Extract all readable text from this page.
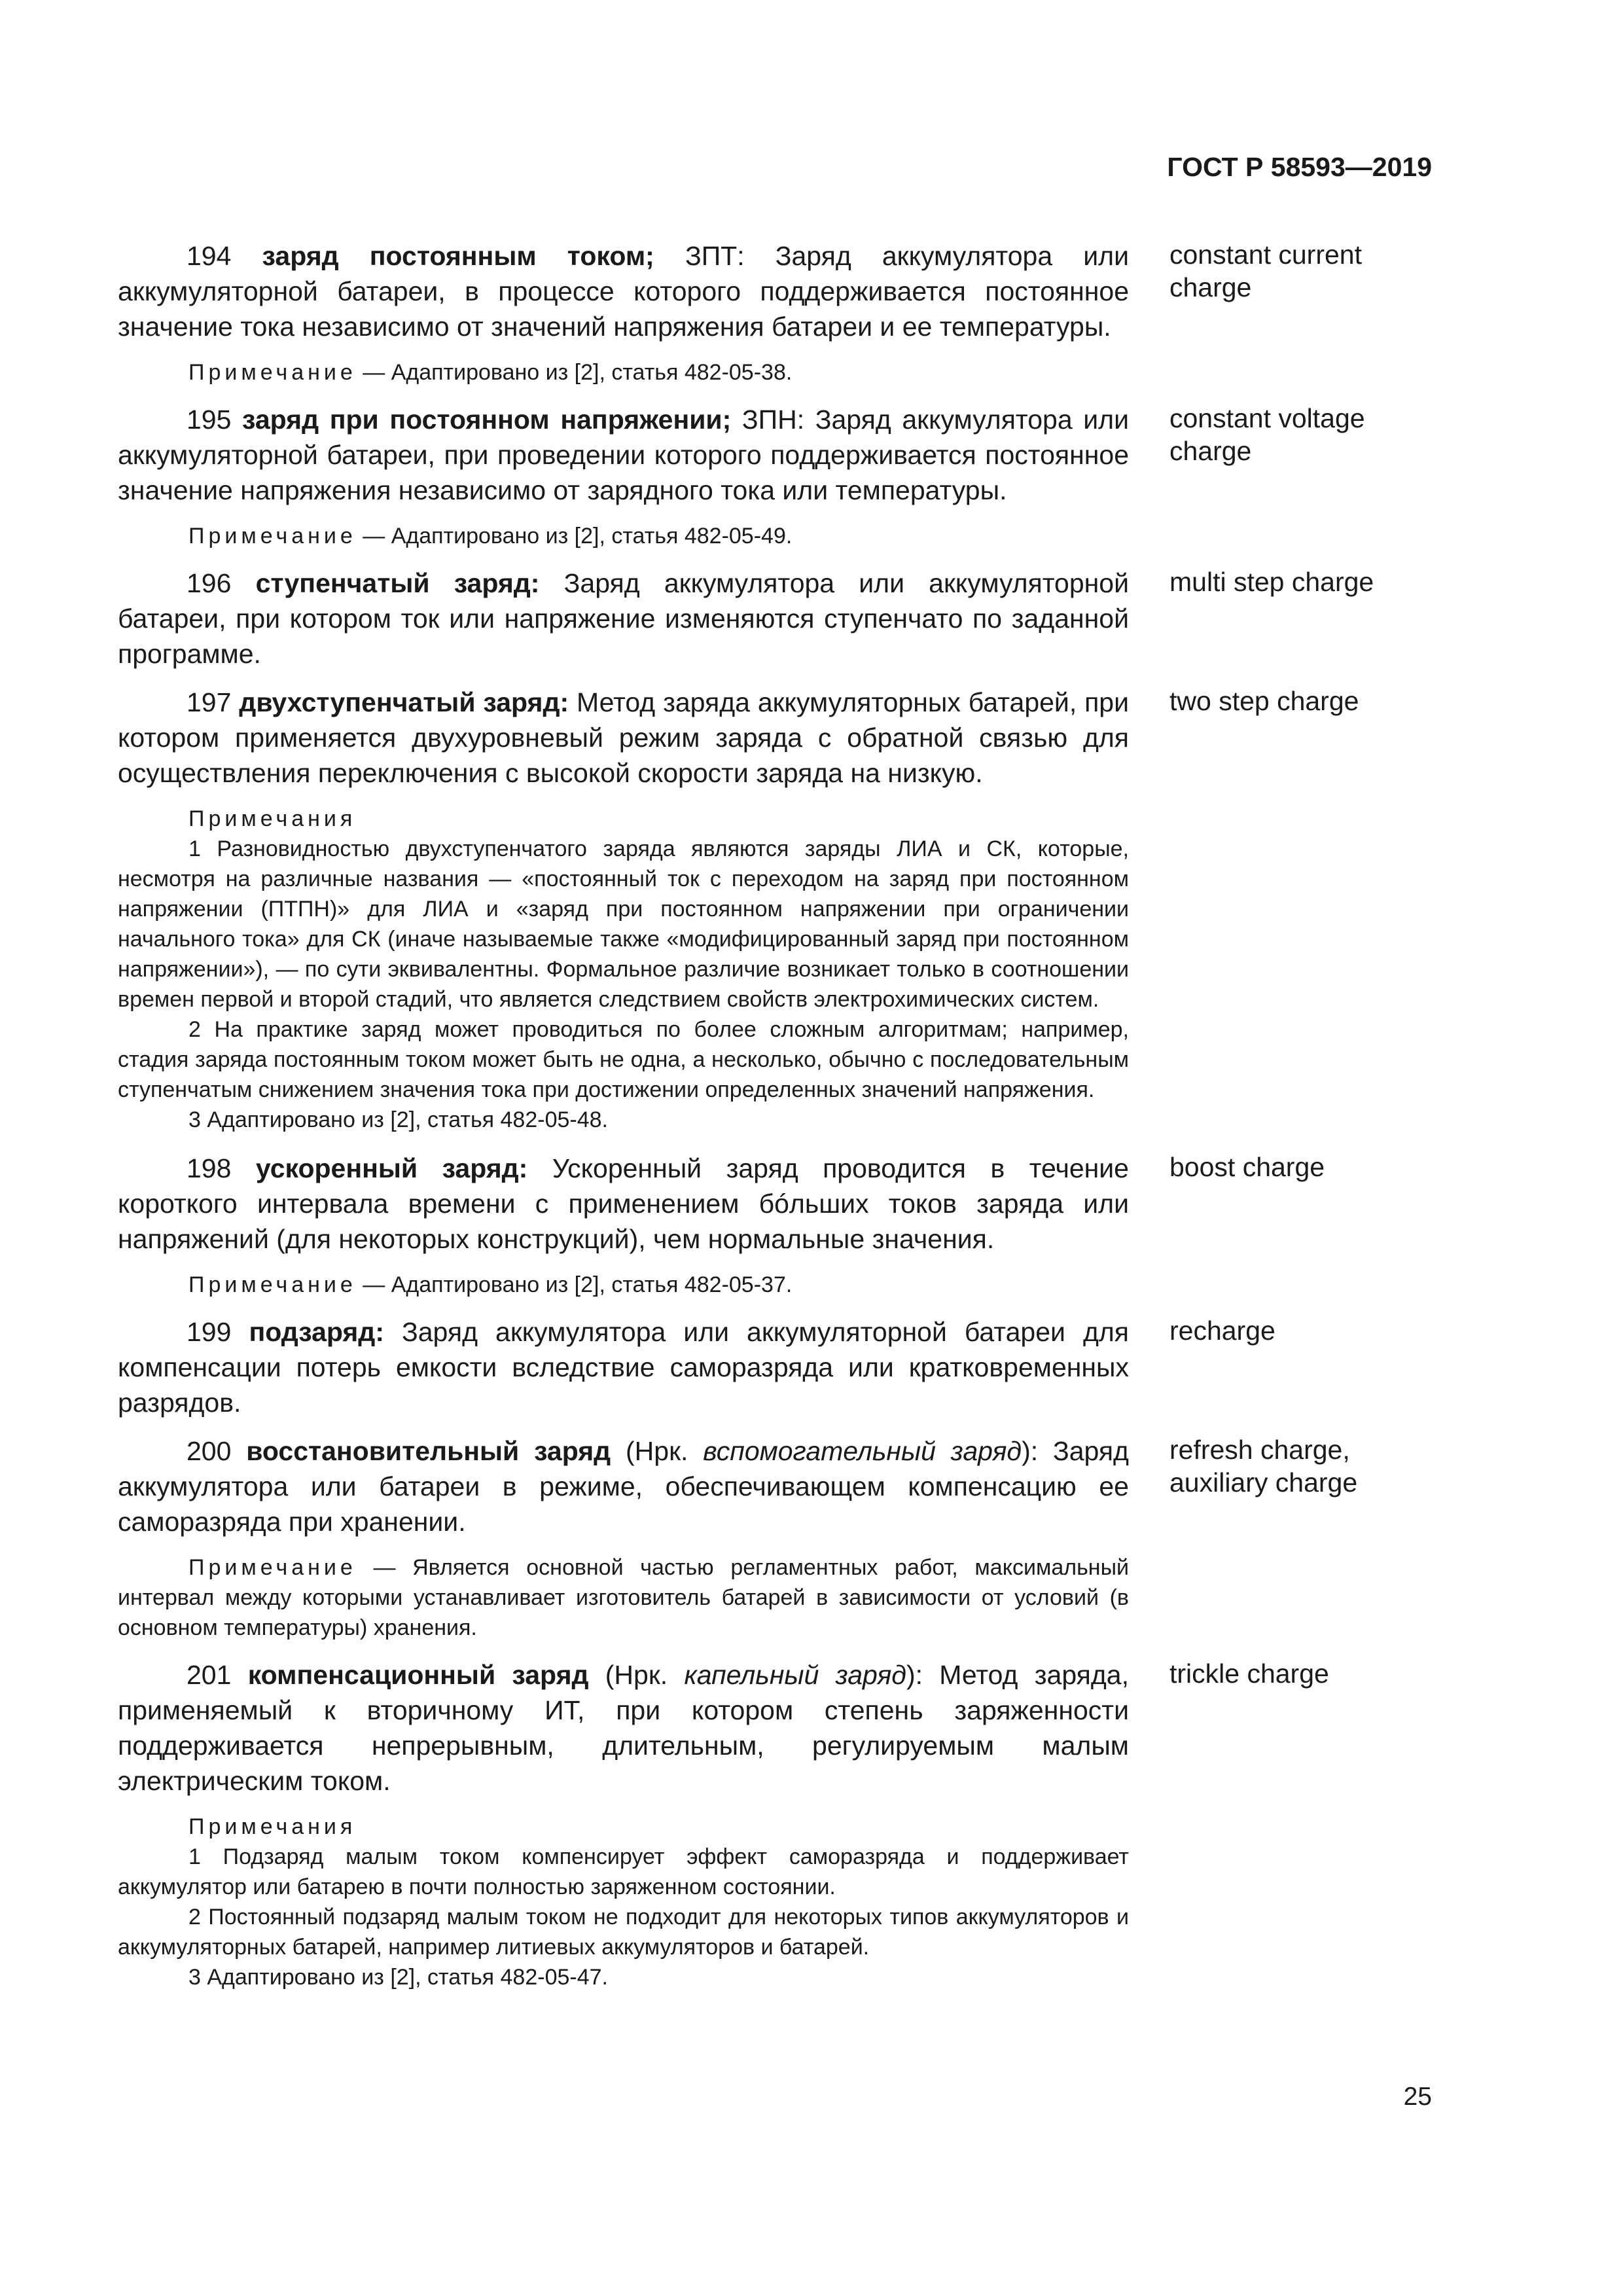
ГОСТ Р 58593—2019
194 заряд постоянным током; ЗПТ: Заряд аккумулятора или аккумуляторной батареи, в процессе которого поддерживается постоянное значение тока независимо от значений напряжения батареи и ее температуры.
constant current charge
Примечание — Адаптировано из [2], статья 482-05-38.
195 заряд при постоянном напряжении; ЗПН: Заряд аккумулятора или аккумуляторной батареи, при проведении которого поддерживается постоянное значение напряжения независимо от зарядного тока или температуры.
constant voltage charge
Примечание — Адаптировано из [2], статья 482-05-49.
196 ступенчатый заряд: Заряд аккумулятора или аккумуляторной батареи, при котором ток или напряжение изменяются ступенчато по заданной программе.
multi step charge
197 двухступенчатый заряд: Метод заряда аккумуляторных батарей, при котором применяется двухуровневый режим заряда с обратной связью для осуществления переключения с высокой скорости заряда на низкую.
two step charge
Примечания
1 Разновидностью двухступенчатого заряда являются заряды ЛИА и СК, которые, несмотря на различные названия — «постоянный ток с переходом на заряд при постоянном напряжении (ПТПН)» для ЛИА и «заряд при постоянном напряжении при ограничении начального тока» для СК (иначе называемые также «модифицированный заряд при постоянном напряжении»), — по сути эквивалентны. Формальное различие возникает только в соотношении времен первой и второй стадий, что является следствием свойств электрохимических систем.
2 На практике заряд может проводиться по более сложным алгоритмам; например, стадия заряда постоянным током может быть не одна, а несколько, обычно с последовательным ступенчатым снижением значения тока при достижении определенных значений напряжения.
3 Адаптировано из [2], статья 482-05-48.
198 ускоренный заряд: Ускоренный заряд проводится в течение короткого интервала времени с применением бóльших токов заряда или напряжений (для некоторых конструкций), чем нормальные значения.
boost charge
Примечание — Адаптировано из [2], статья 482-05-37.
199 подзаряд: Заряд аккумулятора или аккумуляторной батареи для компенсации потерь емкости вследствие саморазряда или кратковременных разрядов.
recharge
200 восстановительный заряд (Нрк. вспомогательный заряд): Заряд аккумулятора или батареи в режиме, обеспечивающем компенсацию ее саморазряда при хранении.
refresh charge, auxiliary charge
Примечание — Является основной частью регламентных работ, максимальный интервал между которыми устанавливает изготовитель батарей в зависимости от условий (в основном температуры) хранения.
201 компенсационный заряд (Нрк. капельный заряд): Метод заряда, применяемый к вторичному ИТ, при котором степень заряженности поддерживается непрерывным, длительным, регулируемым малым электрическим током.
trickle charge
Примечания
1 Подзаряд малым током компенсирует эффект саморазряда и поддерживает аккумулятор или батарею в почти полностью заряженном состоянии.
2 Постоянный подзаряд малым током не подходит для некоторых типов аккумуляторов и аккумуляторных батарей, например литиевых аккумуляторов и батарей.
3 Адаптировано из [2], статья 482-05-47.
25
